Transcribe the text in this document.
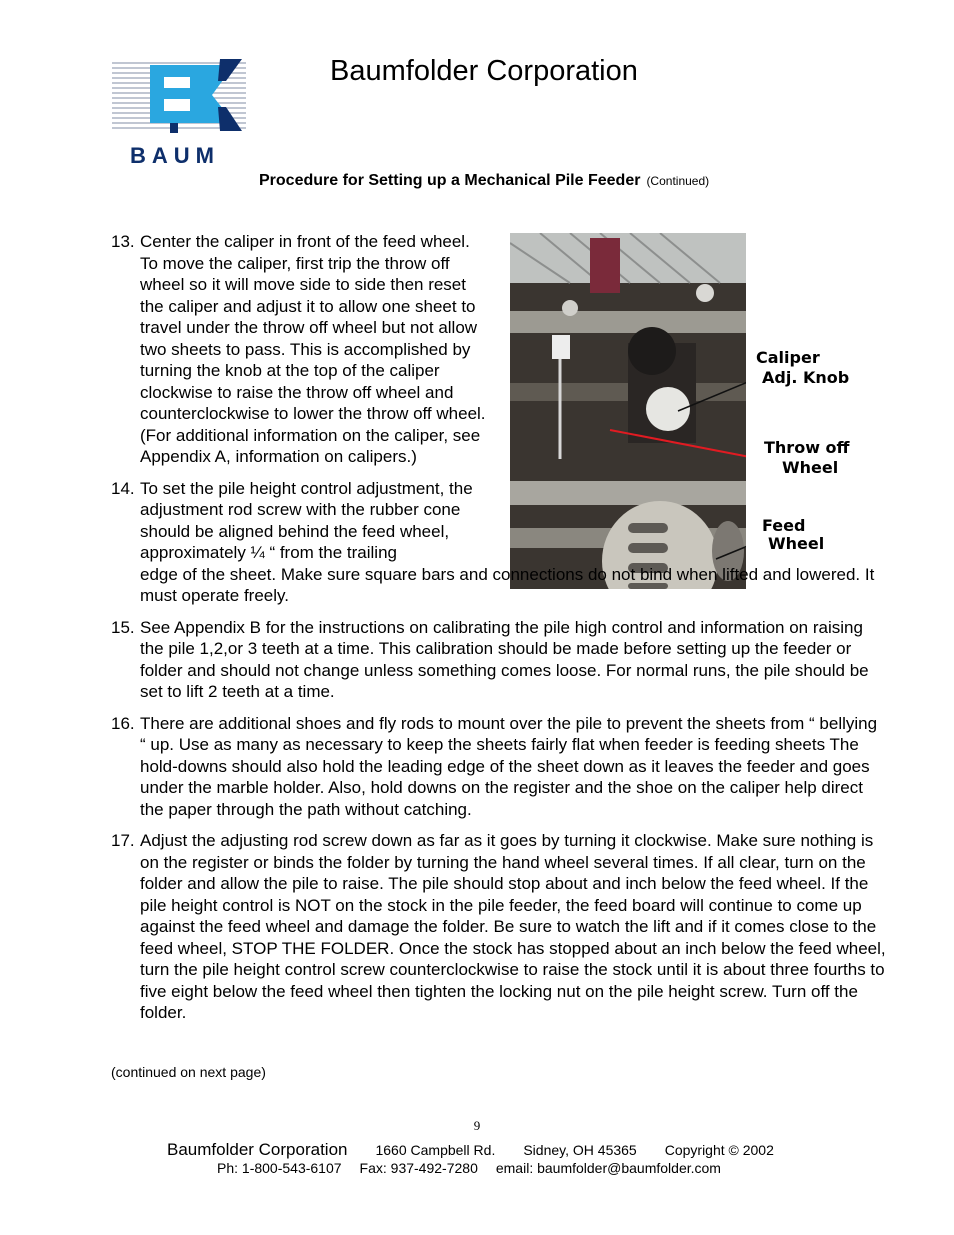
BAUM
Baumfolder Corporation
Procedure for Setting up a Mechanical Pile Feeder (Continued)
Caliper
Adj. Knob
Throw off
Wheel
Feed
Wheel
13. Center the caliper in front of the feed wheel. To move the caliper, first trip the throw off wheel so it will move side to side then reset the caliper and adjust it to allow one sheet to travel under the throw off wheel but not allow two sheets to pass. This is accomplished by turning the knob at the top of the caliper clockwise to raise the throw off wheel and counterclockwise to lower the throw off wheel. (For additional information on the caliper, see Appendix A, information on calipers.)
14. To set the pile height control adjustment, the adjustment rod screw with the rubber cone should be aligned behind the feed wheel, approximately ¼ “ from the trailing
edge of the sheet. Make sure square bars and connections do not bind when lifted and lowered. It must operate freely.
15. See Appendix B for the instructions on calibrating the pile high control and information on raising the pile 1,2,or 3 teeth at a time. This calibration should be made before setting up the feeder or folder and should not change unless something comes loose. For normal runs, the pile should be set to lift 2 teeth at a time.
16. There are additional shoes and fly rods to mount over the pile to prevent the sheets from “ bellying “ up. Use as many as necessary to keep the sheets fairly flat when feeder is feeding sheets The hold-downs should also hold the leading edge of the sheet down as it leaves the feeder and goes under the marble holder. Also, hold downs on the register and the shoe on the caliper help direct the paper through the path without catching.
17. Adjust the adjusting rod screw down as far as it goes by turning it clockwise. Make sure nothing is on the register or binds the folder by turning the hand wheel several times. If all clear, turn on the folder and allow the pile to raise. The pile should stop about and inch below the feed wheel. If the pile height control is NOT on the stock in the pile feeder, the feed board will continue to come up against the feed wheel and damage the folder. Be sure to watch the lift and if it comes close to the feed wheel, STOP THE FOLDER. Once the stock has stopped about an inch below the feed wheel, turn the pile height control screw counterclockwise to raise the stock until it is about three fourths to five eight below the feed wheel then tighten the locking nut on the pile height screw. Turn off the folder.
(continued on next page)
9
Baumfolder Corporation 1660 Campbell Rd. Sidney, OH 45365 Copyright © 2002
Ph: 1-800-543-6107 Fax: 937-492-7280 email: baumfolder@baumfolder.com
